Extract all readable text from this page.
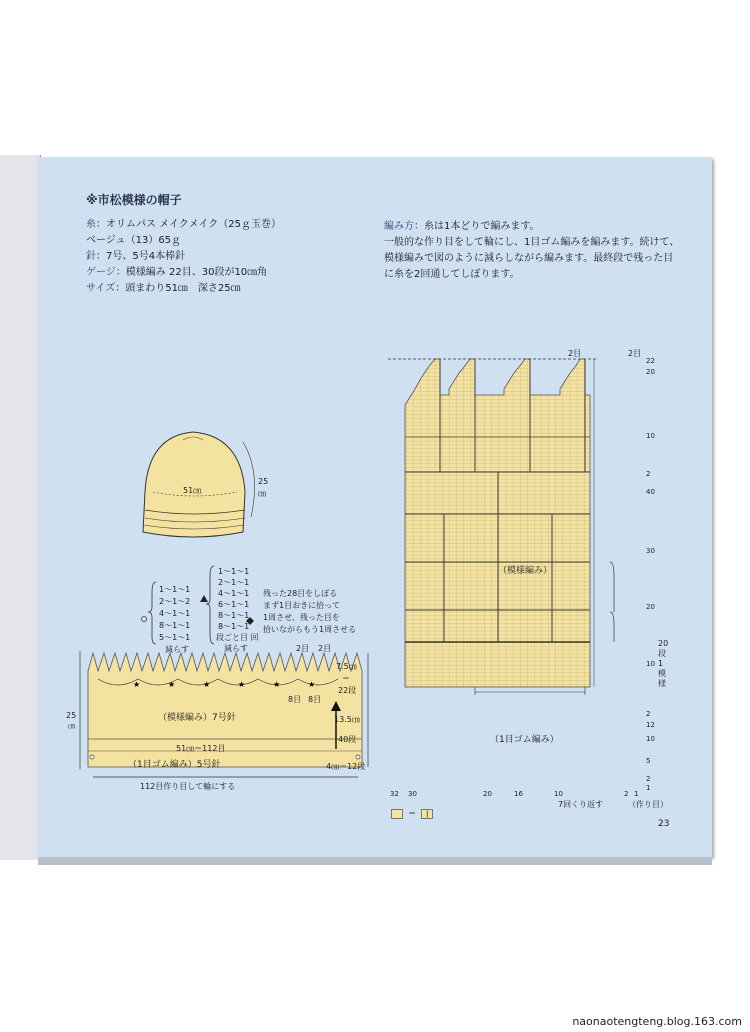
※市松模様の帽子
糸：オリムパス メイクメイク（25ｇ玉巻）
ベージュ（13）65ｇ
針：7号、5号4本棒針
ゲージ：模様編み 22目、30段が10㎝角
サイズ：頭まわり51㎝　深さ25㎝
編み方：糸は1本どりで編みます。
一般的な作り目をして輪にし、1目ゴム編みを編みます。続けて、
模様編みで図のように減らしながら編みます。最終段で残った目
に糸を2回通してしぼります。
51㎝
25
㎝
1〜1〜1
2〜1〜2
4〜1〜1
8〜1〜1
5〜1〜1
減らす
1〜1〜1
2〜1〜1
4〜1〜1
6〜1〜1
8〜1〜1
8〜1〜1
段ごと目 回
減らす
残った28目をしぼる
まず1目おきに拾って
1周させ、残った目を
拾いながらもう1周させる
★	★	★	★	★	★
（模様編み）7号針
51㎝＝112目
（1目ゴム編み）5号針
112目作り目して輪にする
25
㎝
7.5㎝
＝
22段
13.5㎝
40段
4㎝＝12段
8目 8目
2目 2目
22
20
10
2
40
30
20
10
2
12
10
5
2
1
32 30	20	16	10	2 1
2目	2目
（模様編み）
（1目ゴム編み）
7回くり返す	（作り目）
20段1模様
＝ |
23
naonaotengteng.blog.163.com
